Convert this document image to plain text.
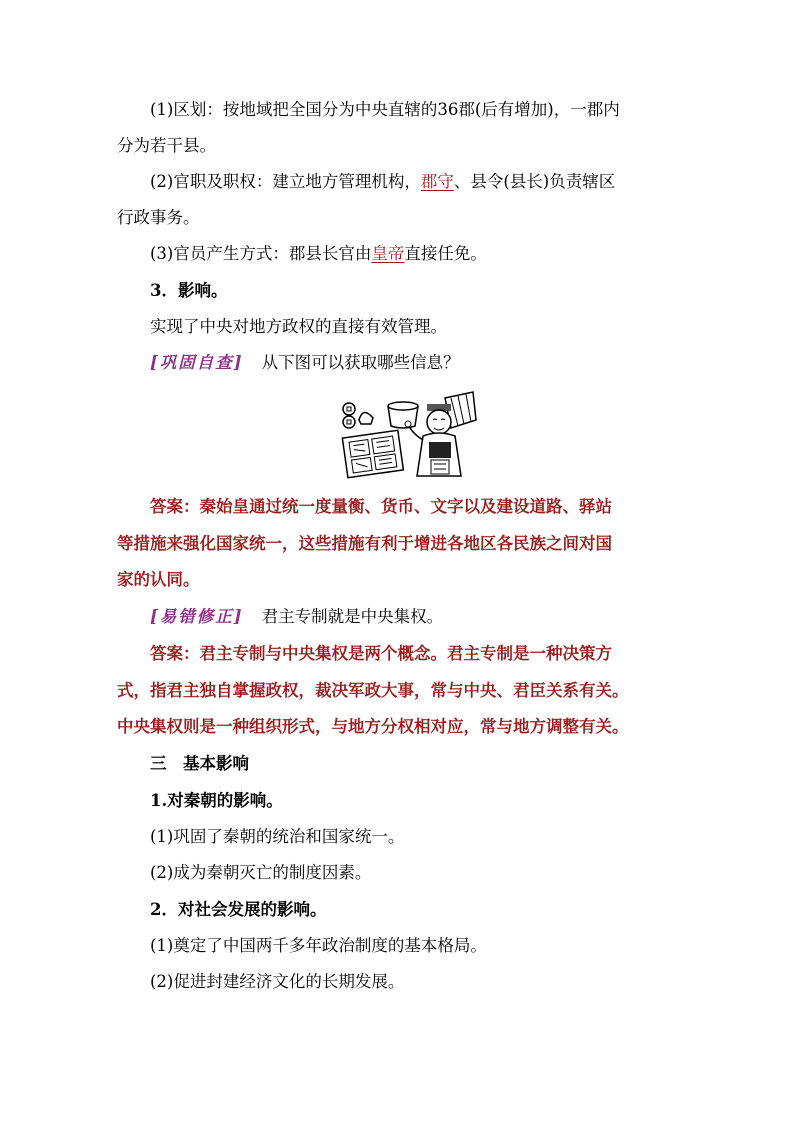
(1)区划：按地域把全国分为中央直辖的36郡(后有增加)，一郡内
分为若干县。
(2)官职及职权：建立地方管理机构，郡守、县令(县长)负责辖区
行政事务。
(3)官员产生方式：郡县长官由皇帝直接任免。
3．影响。
实现了中央对地方政权的直接有效管理。
[巩固自查] 从下图可以获取哪些信息？
答案：秦始皇通过统一度量衡、货币、文字以及建设道路、驿站
等措施来强化国家统一，这些措施有利于增进各地区各民族之间对国
家的认同。
[易错修正] 君主专制就是中央集权。
答案：君主专制与中央集权是两个概念。君主专制是一种决策方
式，指君主独自掌握政权，裁决军政大事，常与中央、君臣关系有关。
中央集权则是一种组织形式，与地方分权相对应，常与地方调整有关。
三　基本影响
1.对秦朝的影响。
(1)巩固了秦朝的统治和国家统一。
(2)成为秦朝灭亡的制度因素。
2．对社会发展的影响。
(1)奠定了中国两千多年政治制度的基本格局。
(2)促进封建经济文化的长期发展。
